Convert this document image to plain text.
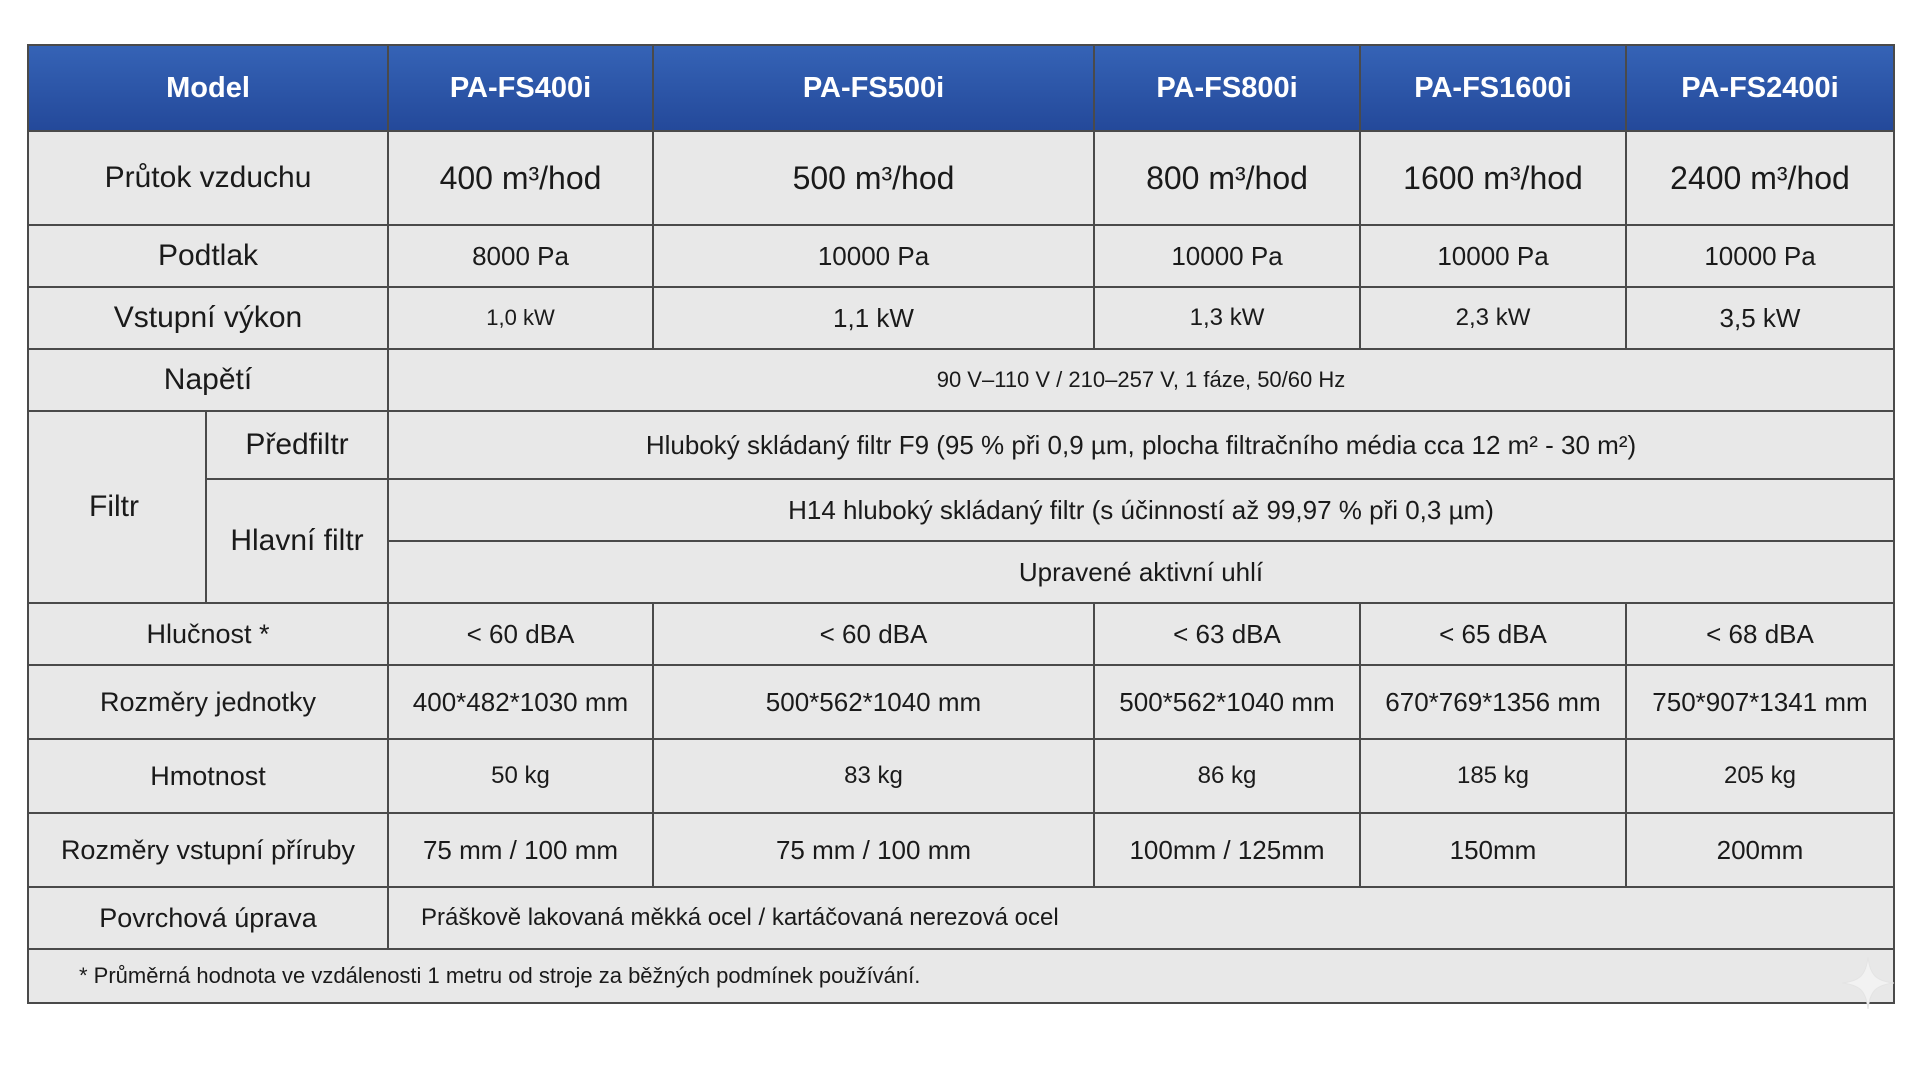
Model		PA-FS400i	PA-FS500i	PA-FS800i	PA-FS1600i	PA-FS2400i
Průtok vzduchu		400 m³/hod	500 m³/hod	800 m³/hod	1600 m³/hod	2400 m³/hod
Podtlak		8000 Pa	10000 Pa	10000 Pa	10000 Pa	10000 Pa
Vstupní výkon		1,0 kW	1,1 kW	1,3 kW	2,3 kW	3,5 kW
Napětí		90 V–110 V / 210–257 V, 1 fáze, 50/60 Hz				
Filtr	Předfiltr	Hluboký skládaný filtr F9 (95 % při 0,9 µm, plocha filtračního média cca 12 m² - 30 m²)				
	Hlavní filtr	H14 hluboký skládaný filtr (s účinností až 99,97 % při 0,3 µm)				
		Upravené aktivní uhlí				
Hlučnost *		< 60 dBA	< 60 dBA	< 63 dBA	< 65 dBA	< 68 dBA
Rozměry jednotky		400*482*1030 mm	500*562*1040 mm	500*562*1040 mm	670*769*1356 mm	750*907*1341 mm
Hmotnost		50 kg	83 kg	86 kg	185 kg	205 kg
Rozměry vstupní příruby		75 mm / 100 mm	75 mm / 100 mm	100mm / 125mm	150mm	200mm
Povrchová úprava		Práškově lakovaná měkká ocel / kartáčovaná nerezová ocel				
* Průměrná hodnota ve vzdálenosti 1 metru od stroje za běžných podmínek používání.						
